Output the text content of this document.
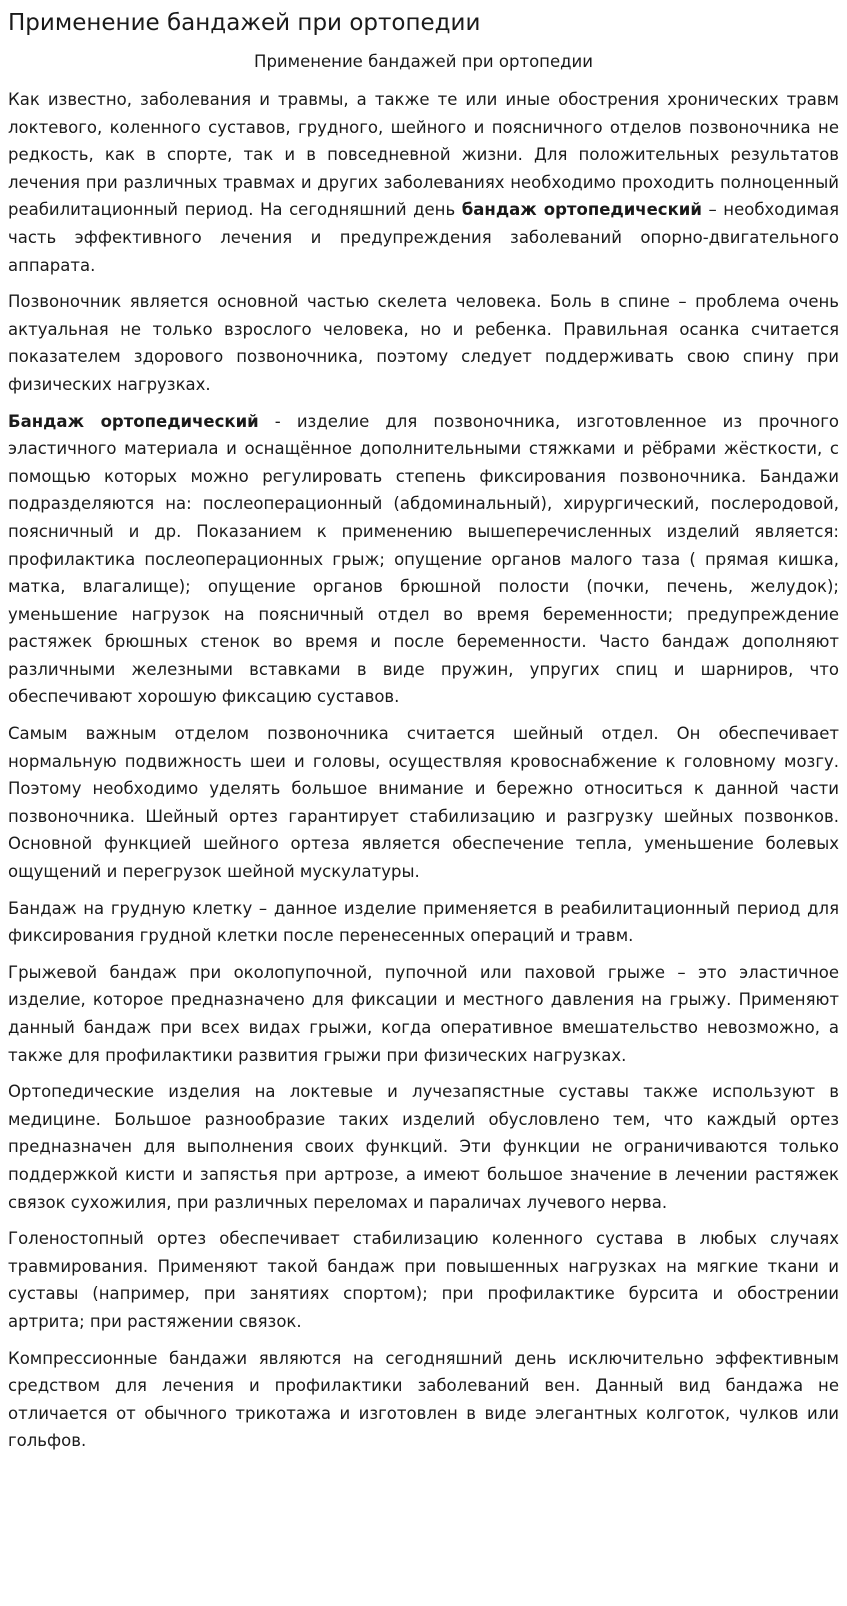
Применение бандажей при ортопедии
Применение бандажей при ортопедии

Как известно, заболевания и травмы, а также те или иные обострения хронических травм локтевого, коленного суставов, грудного, шейного и поясничного отделов позвоночника не редкость, как в спорте, так и в повседневной жизни. Для положительных результатов лечения при различных травмах и других заболеваниях необходимо проходить полноценный реабилитационный период. На сегодняшний день бандаж ортопедический – необходимая часть эффективного лечения и предупреждения заболеваний опорно-двигательного аппарата.

Позвоночник является основной частью скелета человека. Боль в спине – проблема очень актуальная не только взрослого человека, но и ребенка. Правильная осанка считается показателем здорового позвоночника, поэтому следует поддерживать свою спину при физических нагрузках.

Бандаж ортопедический - изделие для позвоночника, изготовленное из прочного эластичного материала и оснащённое дополнительными стяжками и рёбрами жёсткости, с помощью которых можно регулировать степень фиксирования позвоночника. Бандажи подразделяются на: послеоперационный (абдоминальный), хирургический, послеродовой, поясничный и др. Показанием к применению вышеперечисленных изделий является: профилактика послеоперационных грыж; опущение органов малого таза ( прямая кишка, матка, влагалище); опущение органов брюшной полости (почки, печень, желудок); уменьшение нагрузок на поясничный отдел во время беременности; предупреждение растяжек брюшных стенок во время и после беременности. Часто бандаж дополняют различными железными вставками в виде пружин, упругих спиц и шарниров, что обеспечивают хорошую фиксацию суставов.

Самым важным отделом позвоночника считается шейный отдел. Он обеспечивает нормальную подвижность шеи и головы, осуществляя кровоснабжение к головному мозгу. Поэтому необходимо уделять большое внимание и бережно относиться к данной части позвоночника. Шейный ортез гарантирует стабилизацию и разгрузку шейных позвонков. Основной функцией шейного ортеза является обеспечение тепла, уменьшение болевых ощущений и перегрузок шейной мускулатуры.

Бандаж на грудную клетку – данное изделие применяется в реабилитационный период для фиксирования грудной клетки после перенесенных операций и травм.

Грыжевой бандаж при околопупочной, пупочной или паховой грыже – это эластичное изделие, которое предназначено для фиксации и местного давления на грыжу. Применяют данный бандаж при всех видах грыжи, когда оперативное вмешательство невозможно, а также для профилактики развития грыжи при физических нагрузках.

Ортопедические изделия на локтевые и лучезапястные суставы также используют в медицине. Большое разнообразие таких изделий обусловлено тем, что каждый ортез предназначен для выполнения своих функций. Эти функции не ограничиваются только поддержкой кисти и запястья при артрозе, а имеют большое значение в лечении растяжек связок сухожилия, при различных переломах и параличах лучевого нерва.

Голеностопный ортез обеспечивает стабилизацию коленного сустава в любых случаях травмирования. Применяют такой бандаж при повышенных нагрузках на мягкие ткани и суставы (например, при занятиях спортом); при профилактике бурсита и обострении артрита; при растяжении связок.

Компрессионные бандажи являются на сегодняшний день исключительно эффективным средством для лечения и профилактики заболеваний вен. Данный вид бандажа не отличается от обычного трикотажа и изготовлен в виде элегантных колготок, чулков или гольфов.
